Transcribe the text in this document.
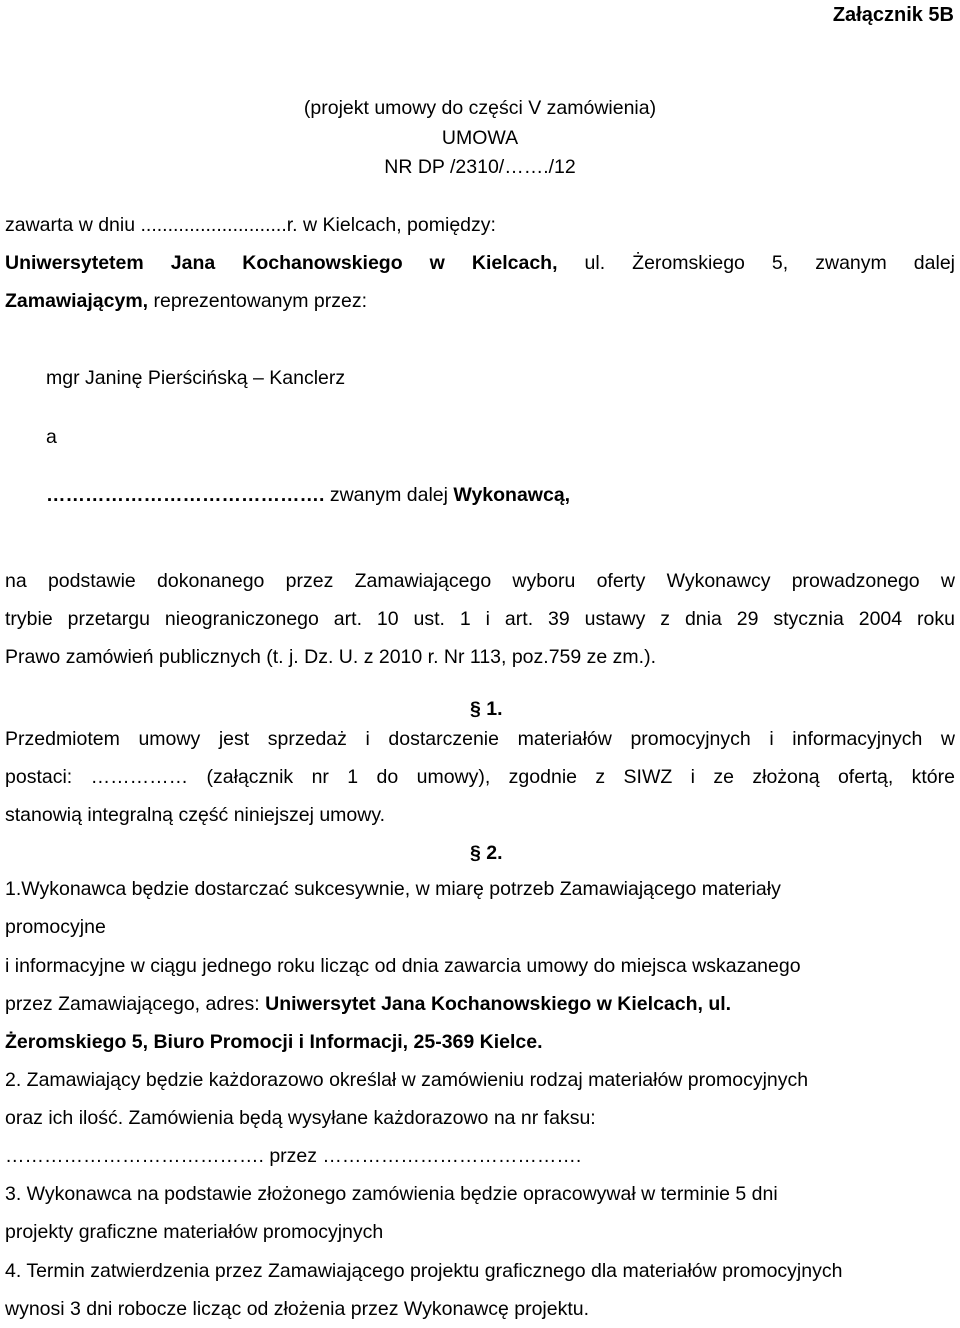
Załącznik 5B
(projekt umowy do części V zamówienia)
UMOWA
NR DP /2310/……./12
zawarta w dniu ...........................r. w Kielcach, pomiędzy:
Uniwersytetem Jana Kochanowskiego w Kielcach, ul. Żeromskiego 5, zwanym dalej
Zamawiającym, reprezentowanym przez:
mgr Janinę Pierścińską – Kanclerz
a
……………………………………. zwanym dalej Wykonawcą,
na podstawie dokonanego przez Zamawiającego wyboru oferty Wykonawcy prowadzonego w
trybie przetargu nieograniczonego art. 10 ust. 1 i art. 39 ustawy z dnia 29 stycznia 2004 roku
Prawo zamówień publicznych (t. j. Dz. U. z 2010 r. Nr 113, poz.759 ze zm.).
§ 1.
Przedmiotem umowy jest sprzedaż i dostarczenie materiałów promocyjnych i informacyjnych w
postaci: …………… (załącznik nr 1 do umowy), zgodnie z SIWZ i ze złożoną ofertą, które
stanowią integralną część niniejszej umowy.
§ 2.
1.Wykonawca będzie dostarczać sukcesywnie, w miarę potrzeb Zamawiającego materiały
promocyjne
i informacyjne w ciągu jednego roku licząc od dnia zawarcia umowy do miejsca wskazanego
przez Zamawiającego, adres: Uniwersytet Jana Kochanowskiego w Kielcach, ul.
Żeromskiego 5, Biuro Promocji i Informacji, 25-369 Kielce.
2. Zamawiający będzie każdorazowo określał w zamówieniu rodzaj materiałów promocyjnych
oraz ich ilość. Zamówienia będą wysyłane każdorazowo na nr faksu:
…………………………………. przez ………………………………….
3. Wykonawca na podstawie złożonego zamówienia będzie opracowywał w terminie 5 dni
projekty graficzne materiałów promocyjnych
4. Termin zatwierdzenia przez Zamawiającego projektu graficznego dla materiałów promocyjnych
wynosi 3 dni robocze licząc od złożenia przez Wykonawcę projektu.
